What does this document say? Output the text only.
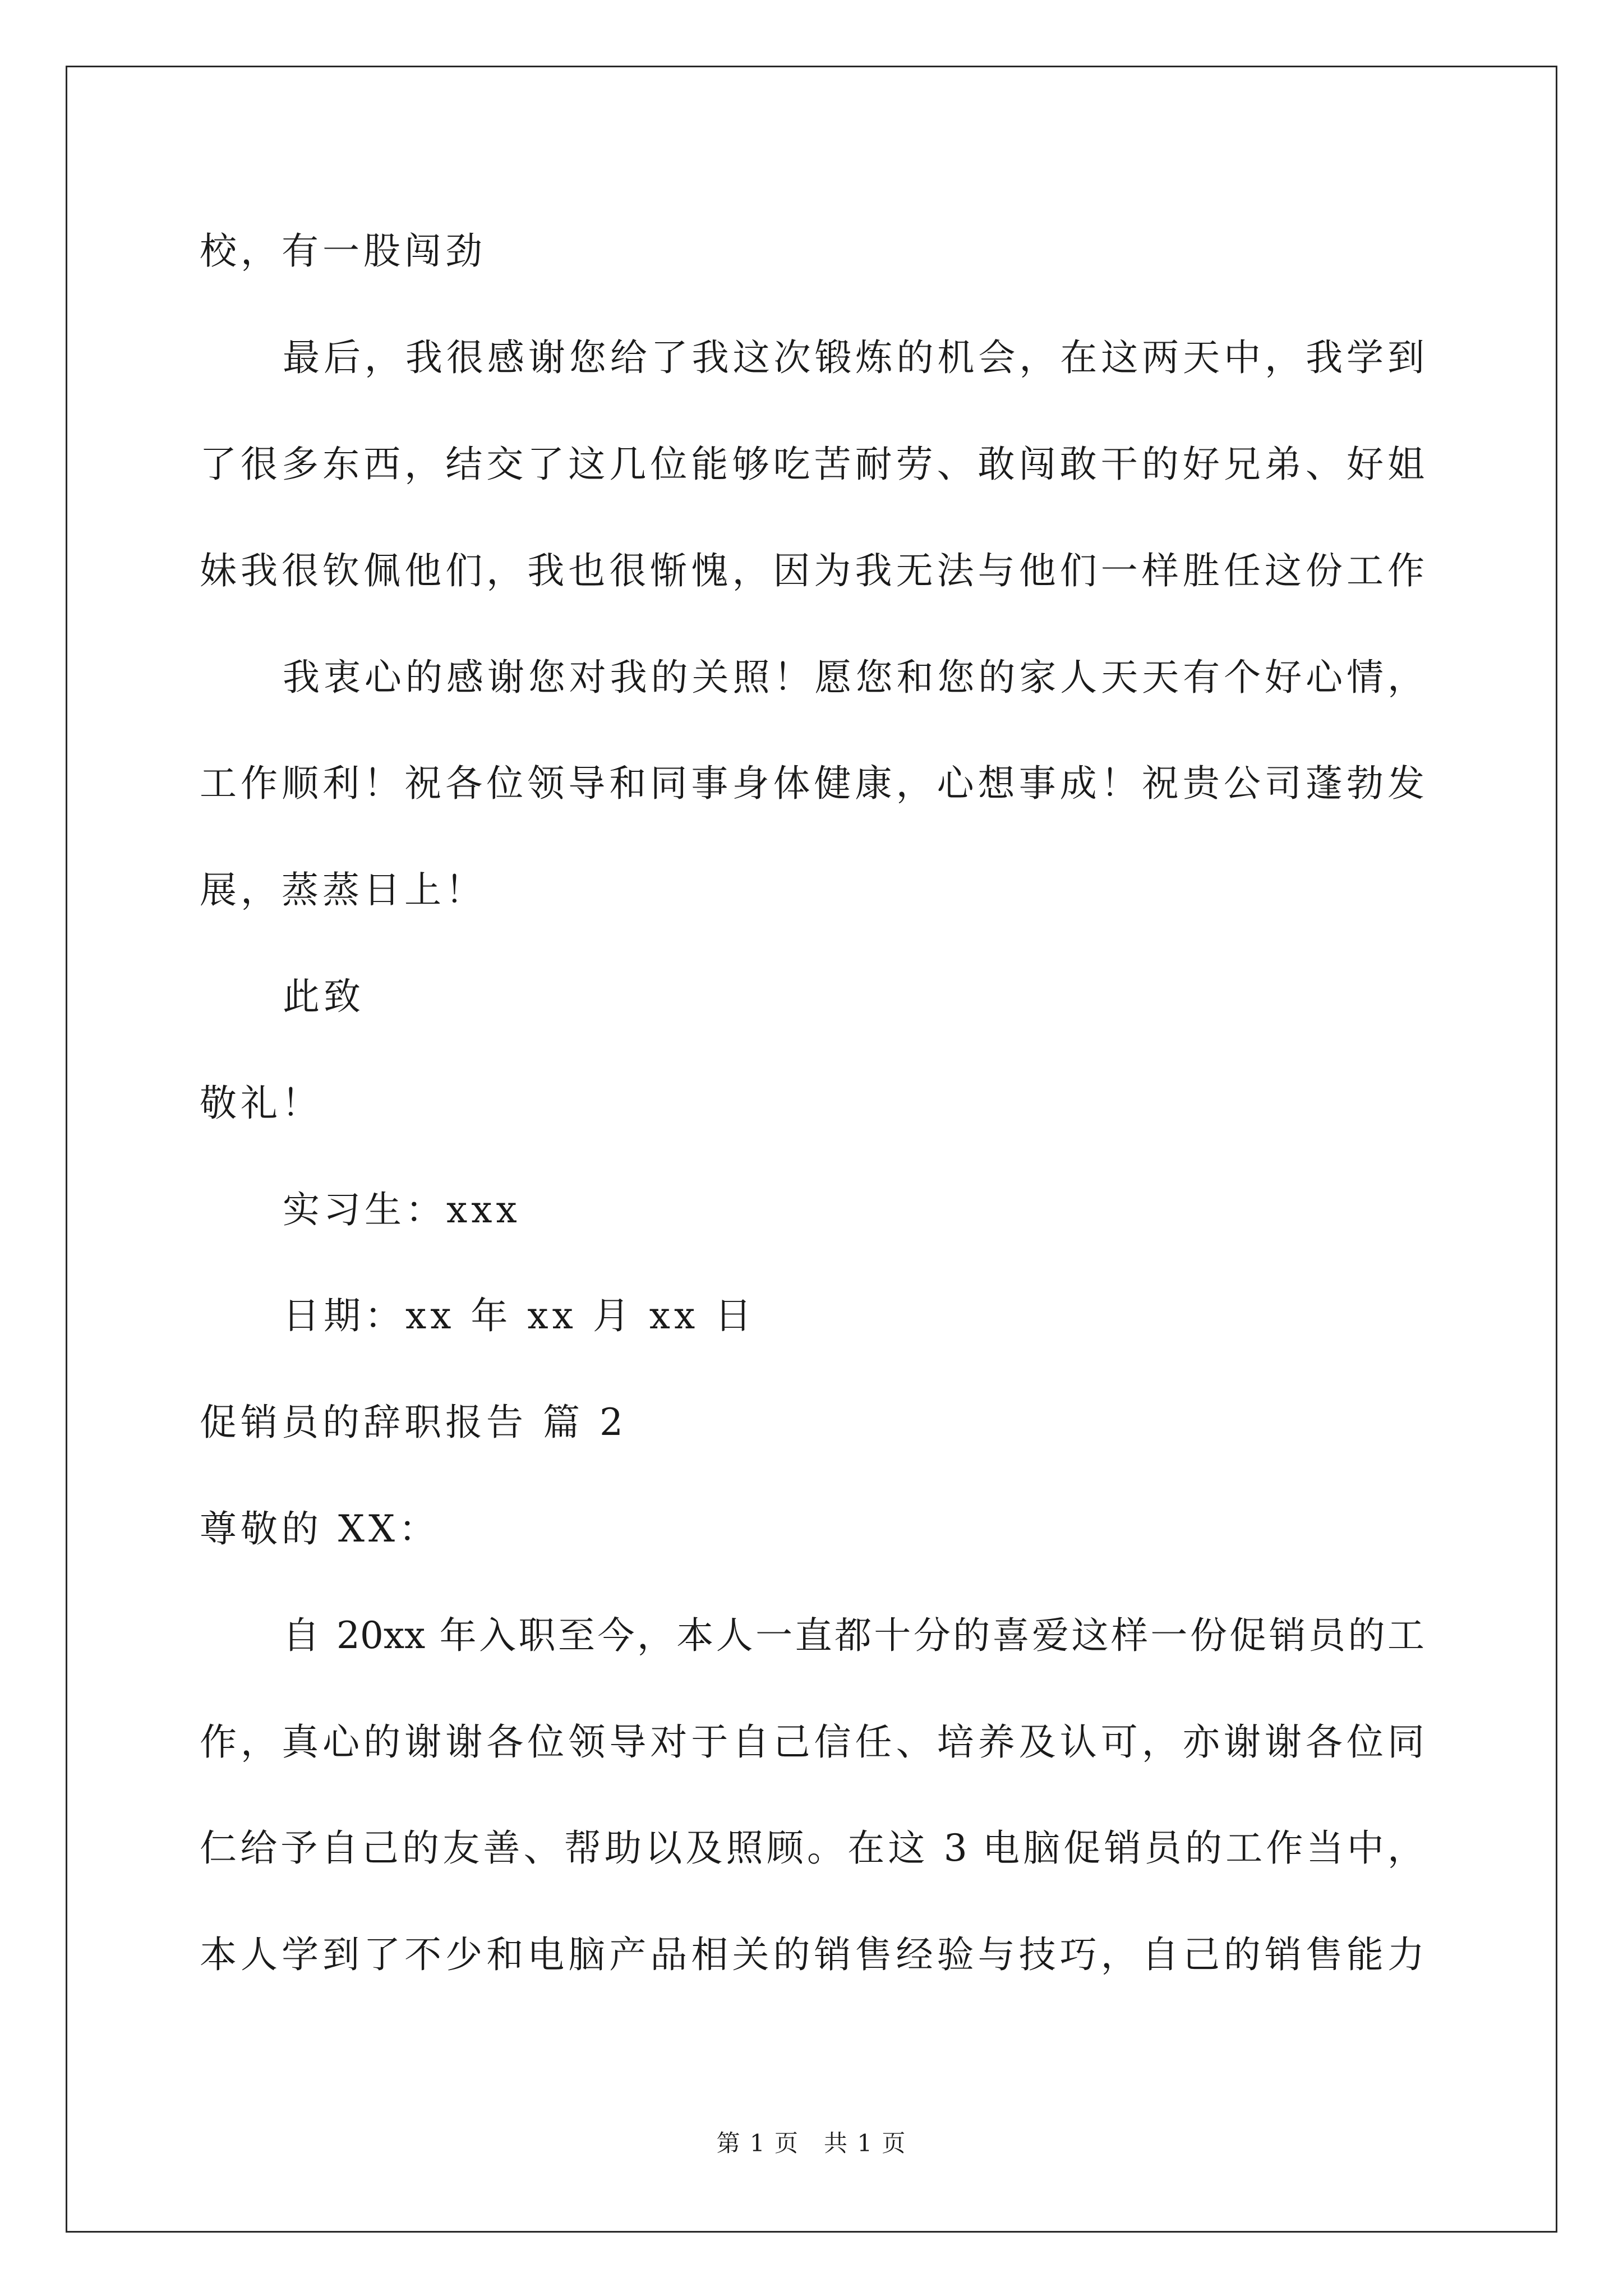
校，有一股闯劲
最后，我很感谢您给了我这次锻炼的机会，在这两天中，我学到
了很多东西，结交了这几位能够吃苦耐劳、敢闯敢干的好兄弟、好姐
妹我很钦佩他们，我也很惭愧，因为我无法与他们一样胜任这份工作
我衷心的感谢您对我的关照！愿您和您的家人天天有个好心情，
工作顺利！祝各位领导和同事身体健康，心想事成！祝贵公司蓬勃发
展，蒸蒸日上！
此致
敬礼！
实习生：xxx
日期：xx 年 xx 月 xx 日
促销员的辞职报告 篇 2
尊敬的 XX：
自 20xx 年入职至今，本人一直都十分的喜爱这样一份促销员的工
作，真心的谢谢各位领导对于自己信任、培养及认可，亦谢谢各位同
仁给予自己的友善、帮助以及照顾。在这 3 电脑促销员的工作当中，
本人学到了不少和电脑产品相关的销售经验与技巧，自己的销售能力
第 1 页　共 1 页
